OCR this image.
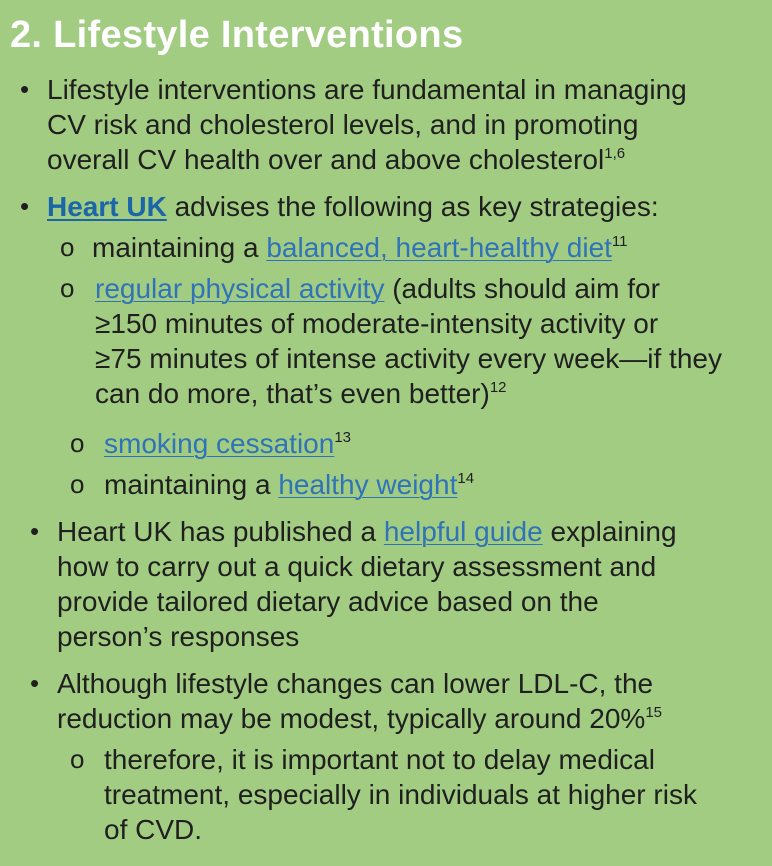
2. Lifestyle Interventions
• Lifestyle interventions are fundamental in managing
CV risk and cholesterol levels, and in promoting
overall CV health over and above cholesterol$^{1,6}$
• Heart UK advises the following as key strategies:
o maintaining a balanced, heart-healthy diet$^{11}$
o regular physical activity (adults should aim for
≥150 minutes of moderate-intensity activity or
≥75 minutes of intense activity every week—if they
can do more, that’s even better)$^{12}$
o smoking cessation$^{13}$
o maintaining a healthy weight$^{14}$
• Heart UK has published a helpful guide explaining
how to carry out a quick dietary assessment and
provide tailored dietary advice based on the
person’s responses
• Although lifestyle changes can lower LDL-C, the
reduction may be modest, typically around 20%$^{15}$
o therefore, it is important not to delay medical
treatment, especially in individuals at higher risk
of CVD.
